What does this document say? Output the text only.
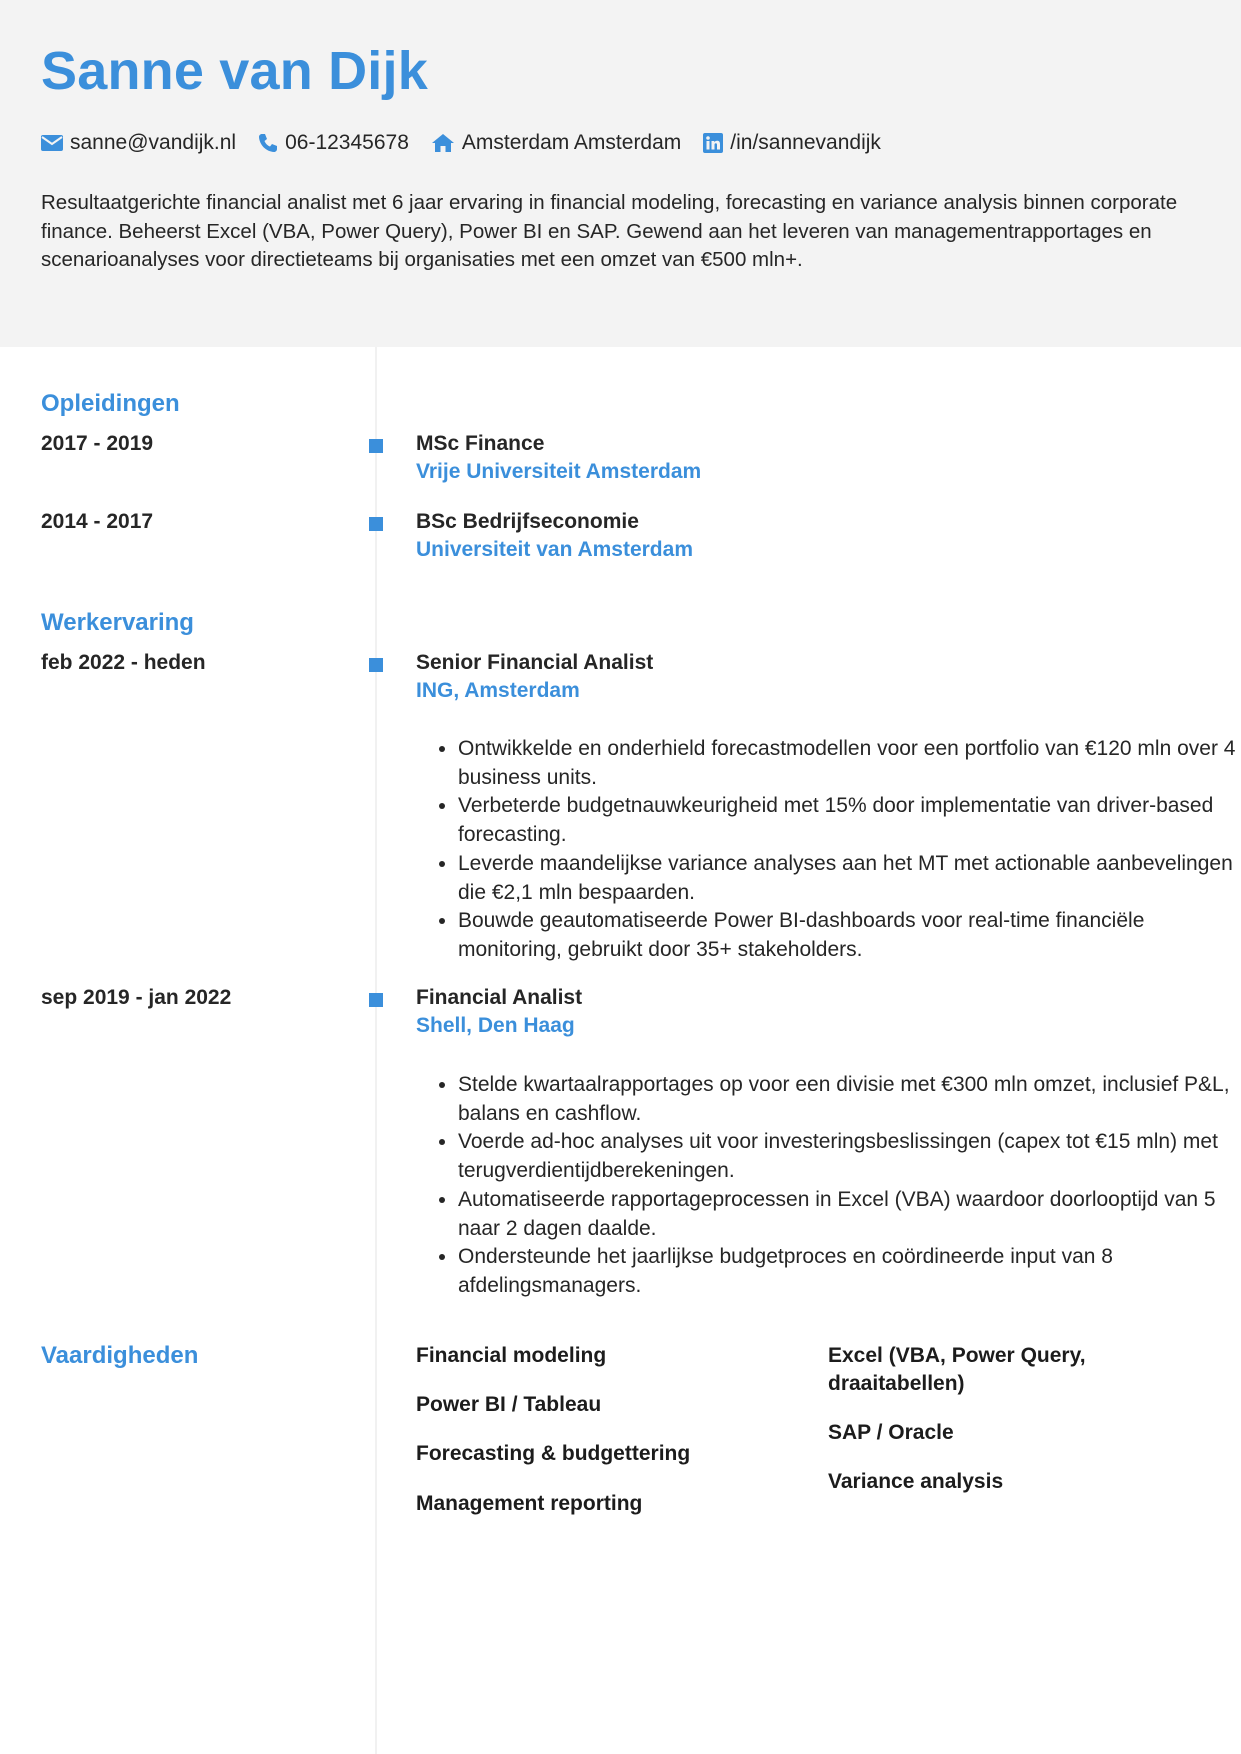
Sanne van Dijk
sanne@vandijk.nl 06-12345678	Amsterdam Amsterdam /in/sannevandijk
Resultaatgerichte financial analist met 6 jaar ervaring in financial modeling, forecasting en variance analysis binnen corporate finance. Beheerst Excel (VBA, Power Query), Power BI en SAP. Gewend aan het leveren van managementrapportages en scenarioanalyses voor directieteams bij organisaties met een omzet van €500 mln+.
Opleidingen
2017 - 2019	MSc Finance
Vrije Universiteit Amsterdam
2014 - 2017	BSc Bedrijfseconomie
Universiteit van Amsterdam
Werkervaring
feb 2022 - heden	Senior Financial Analist
ING, Amsterdam
• Ontwikkelde en onderhield forecastmodellen voor een portfolio van €120 mln over 4 business units.
• Verbeterde budgetnauwkeurigheid met 15% door implementatie van driver-based forecasting.
• Leverde maandelijkse variance analyses aan het MT met actionable aanbevelingen die €2,1 mln bespaarden.
• Bouwde geautomatiseerde Power BI-dashboards voor real-time financiële monitoring, gebruikt door 35+ stakeholders.
sep 2019 - jan 2022	Financial Analist
Shell, Den Haag
• Stelde kwartaalrapportages op voor een divisie met €300 mln omzet, inclusief P&L, balans en cashflow.
• Voerde ad-hoc analyses uit voor investeringsbeslissingen (capex tot €15 mln) met terugverdientijdberekeningen.
• Automatiseerde rapportageprocessen in Excel (VBA) waardoor doorlooptijd van 5 naar 2 dagen daalde.
• Ondersteunde het jaarlijkse budgetproces en coördineerde input van 8 afdelingsmanagers.
Vaardigheden	Financial modeling
Power BI / Tableau
Forecasting & budgettering
Management reporting
Excel (VBA, Power Query, draaitabellen)
SAP / Oracle
Variance analysis
